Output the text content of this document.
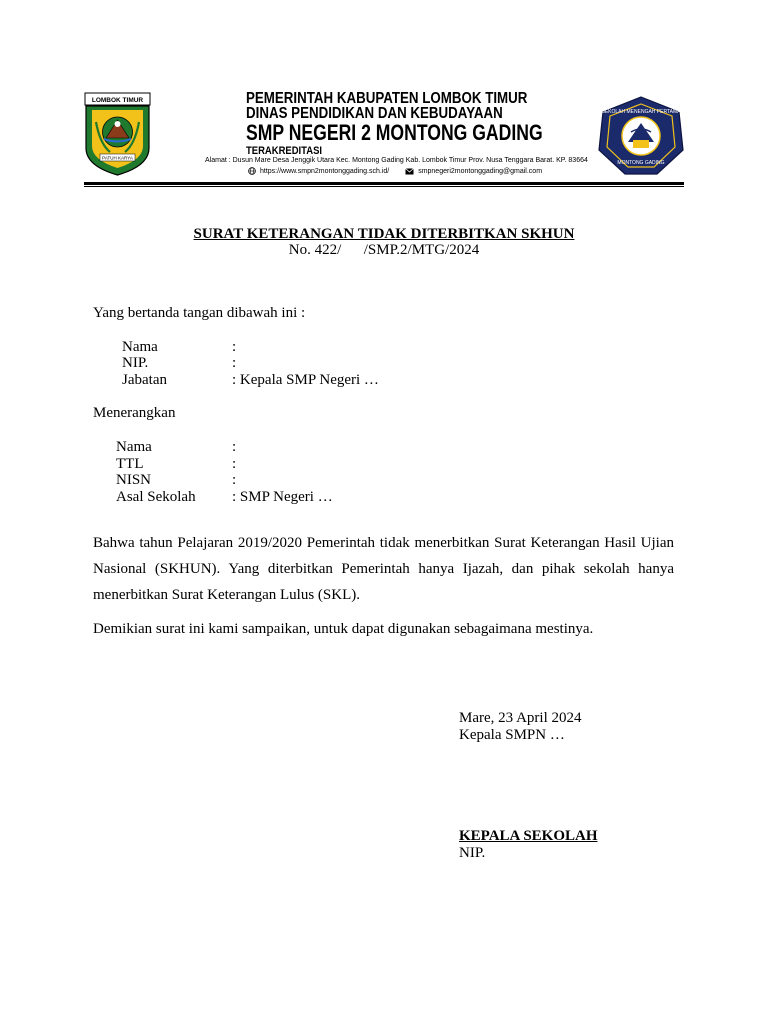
LOMBOK TIMUR
PATUH KARYA
PEMERINTAH KABUPATEN LOMBOK TIMUR
DINAS PENDIDIKAN DAN KEBUDAYAAN
SMP NEGERI 2 MONTONG GADING
TERAKREDITASI
Alamat : Dusun Mare Desa Jenggik Utara Kec. Montong Gading Kab. Lombok Timur Prov. Nusa Tenggara Barat. KP. 83664
https://www.smpn2montonggading.sch.id/	smpnegeri2montonggading@gmail.com
SEKOLAH MENENGAH PERTAMA
MONTONG GADING
SURAT KETERANGAN TIDAK DITERBITKAN SKHUN
No. 422/      /SMP.2/MTG/2024
Yang bertanda tangan dibawah ini :
Nama	:
NIP.	:
Jabatan	: Kepala SMP Negeri …
Menerangkan
Nama	:
TTL	:
NISN	:
Asal Sekolah : SMP Negeri …
Bahwa tahun Pelajaran 2019/2020 Pemerintah tidak menerbitkan Surat Keterangan Hasil Ujian Nasional (SKHUN). Yang diterbitkan Pemerintah hanya Ijazah, dan pihak sekolah hanya menerbitkan Surat Keterangan Lulus (SKL).
Demikian surat ini kami sampaikan, untuk dapat digunakan sebagaimana mestinya.
Mare, 23 April 2024
Kepala SMPN …
KEPALA SEKOLAH
NIP.
